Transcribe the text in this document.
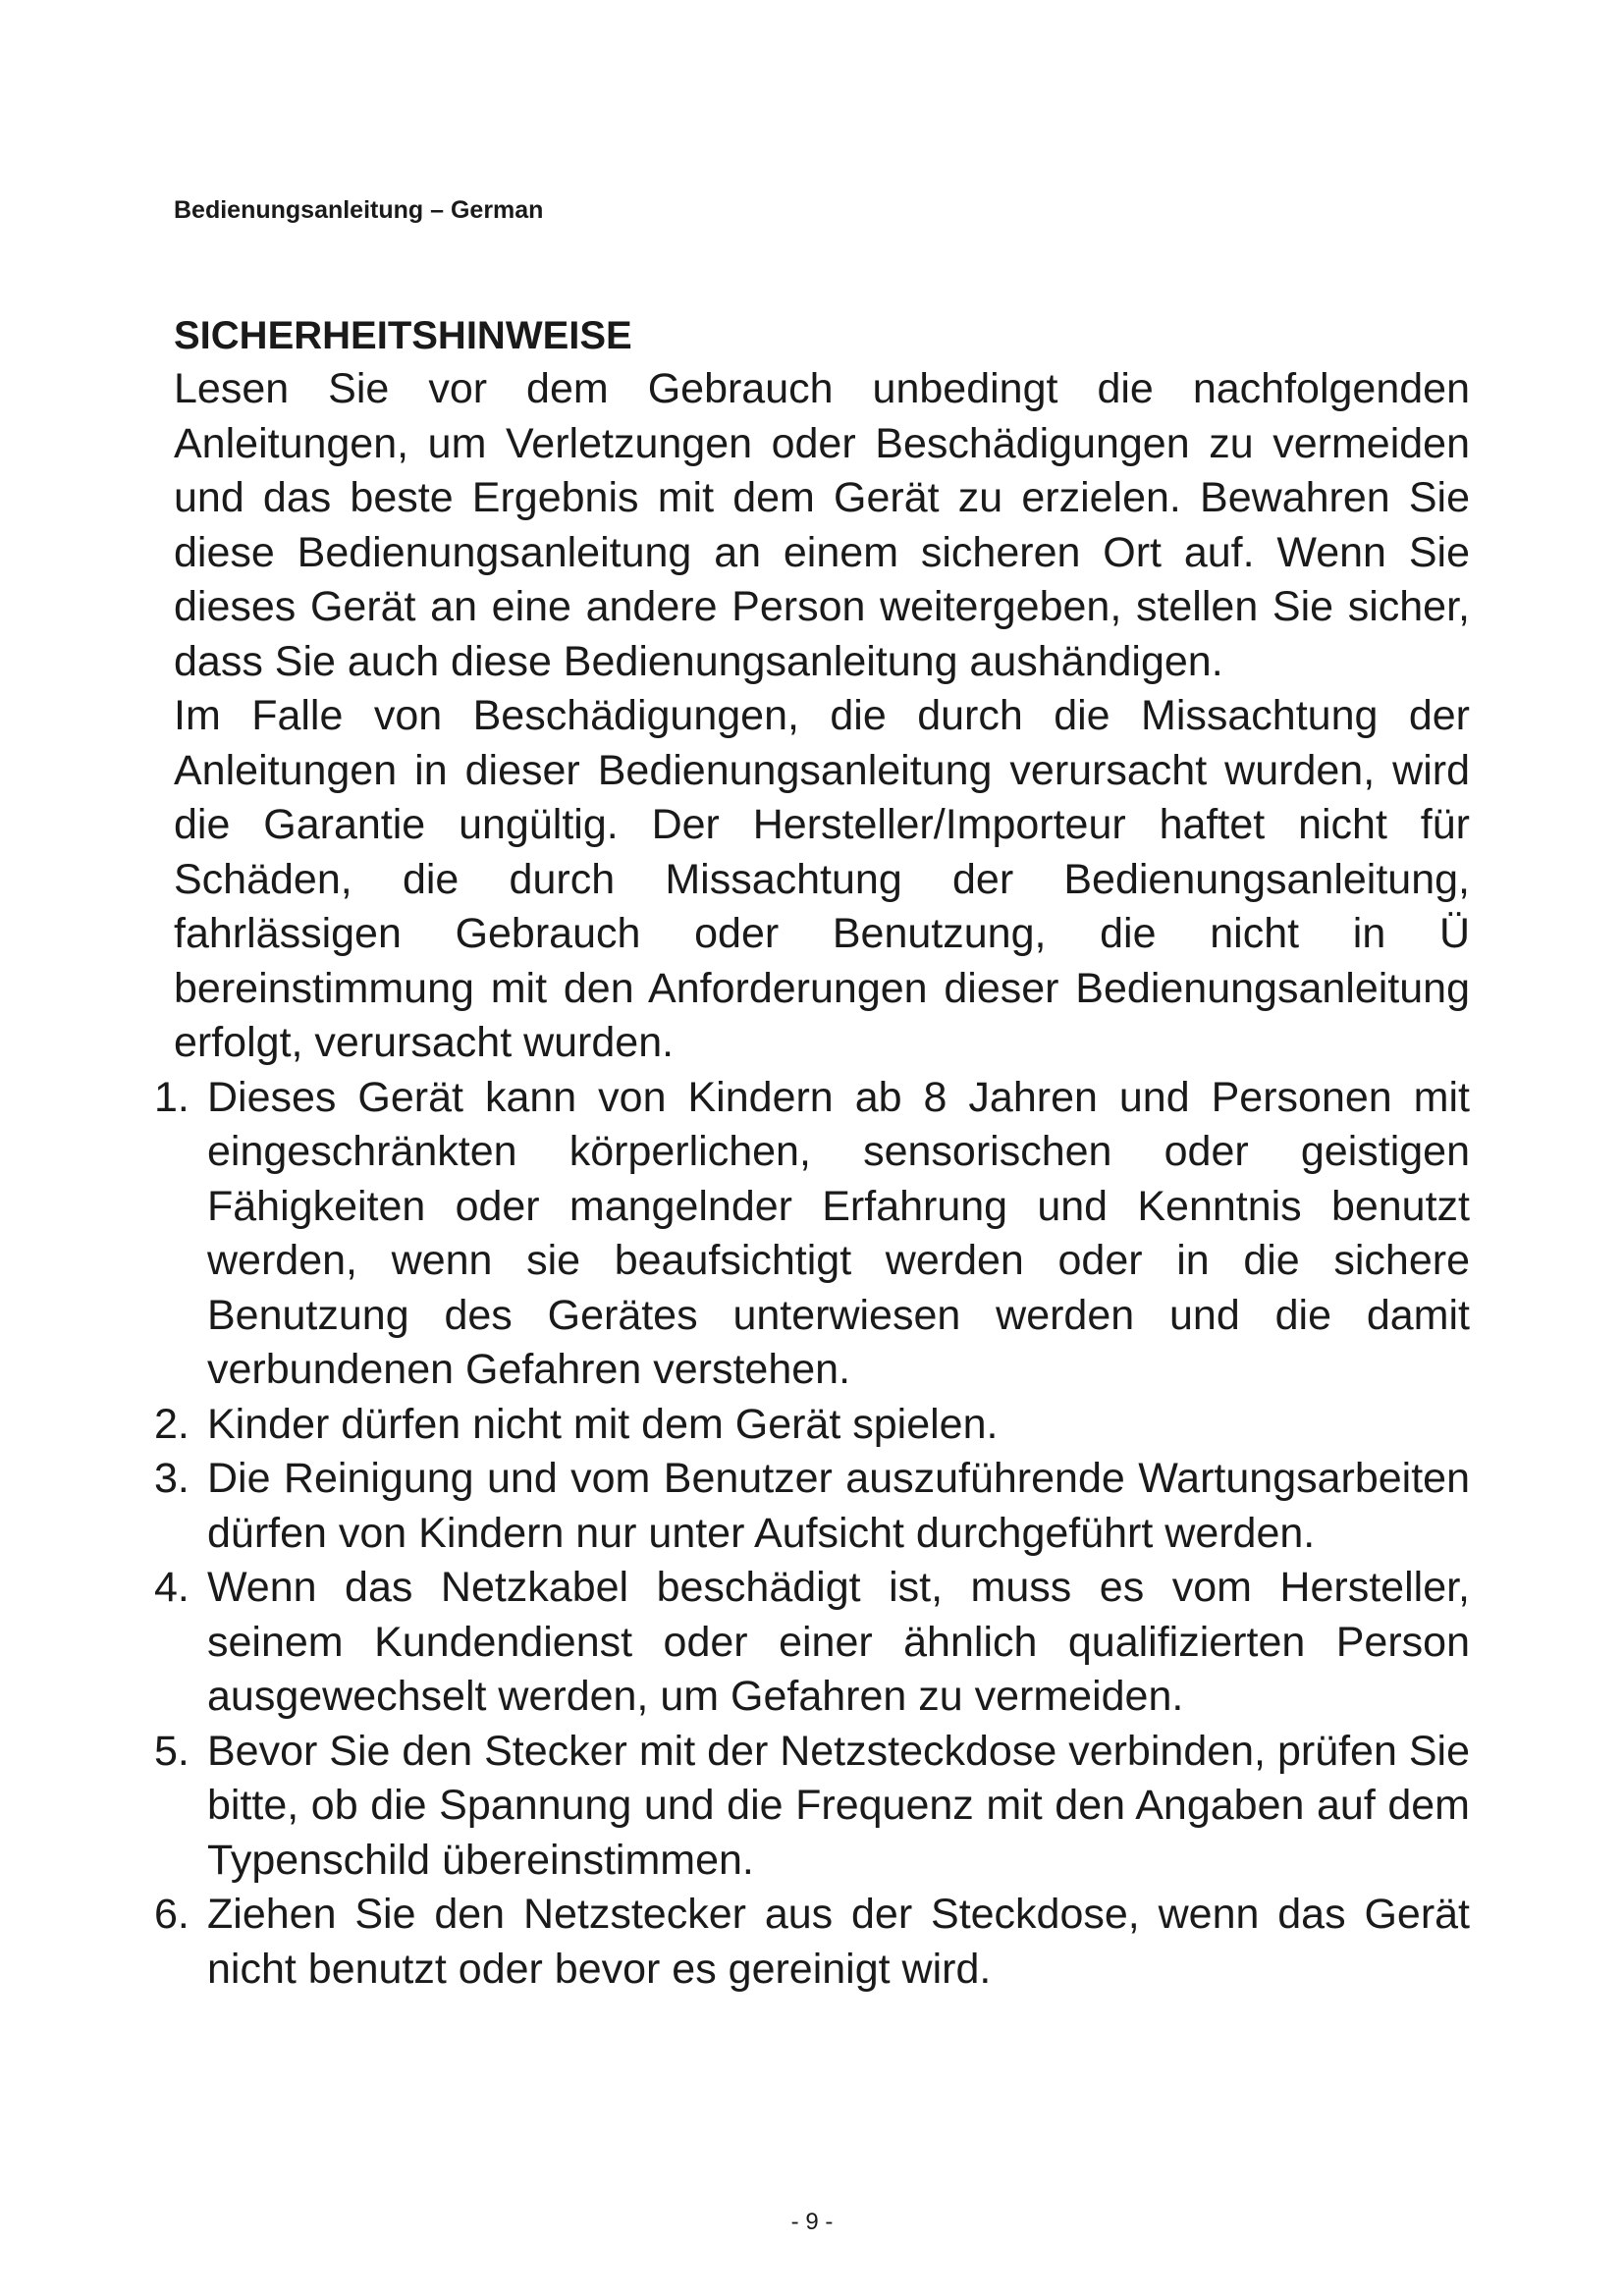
Bedienungsanleitung – German
SICHERHEITSHINWEISE

Lesen Sie vor dem Gebrauch unbedingt die nachfolgenden Anleitungen, um Verletzungen oder Beschädigungen zu vermeiden und das beste Ergebnis mit dem Gerät zu erzielen. Bewahren Sie diese Bedienungsanleitung an einem sicheren Ort auf. Wenn Sie dieses Gerät an eine andere Person weitergeben, stellen Sie sicher, dass Sie auch diese Bedienungsanleitung aushändigen.

Im Falle von Beschädigungen, die durch die Missachtung der Anleitungen in dieser Bedienungsanleitung verursacht wurden, wird die Garantie ungültig. Der Hersteller/Importeur haftet nicht für Schäden, die durch Missachtung der Bedienungsanleitung, fahrlässigen Gebrauch oder Benutzung, die nicht in Ü bereinstimmung mit den Anforderungen dieser Bedienungsanleitung erfolgt, verursacht wurden.

1. Dieses Gerät kann von Kindern ab 8 Jahren und Personen mit eingeschränkten körperlichen, sensorischen oder geistigen Fähigkeiten oder mangelnder Erfahrung und Kenntnis benutzt werden, wenn sie beaufsichtigt werden oder in die sichere Benutzung des Gerätes unterwiesen werden und die damit verbundenen Gefahren verstehen.
2. Kinder dürfen nicht mit dem Gerät spielen.
3. Die Reinigung und vom Benutzer auszuführende Wartungsarbeiten dürfen von Kindern nur unter Aufsicht durchgeführt werden.
4. Wenn das Netzkabel beschädigt ist, muss es vom Hersteller, seinem Kundendienst oder einer ähnlich qualifizierten Person ausgewechselt werden, um Gefahren zu vermeiden.
5. Bevor Sie den Stecker mit der Netzsteckdose verbinden, prüfen Sie bitte, ob die Spannung und die Frequenz mit den Angaben auf dem Typenschild übereinstimmen.
6. Ziehen Sie den Netzstecker aus der Steckdose, wenn das Gerät nicht benutzt oder bevor es gereinigt wird.
- 9 -
